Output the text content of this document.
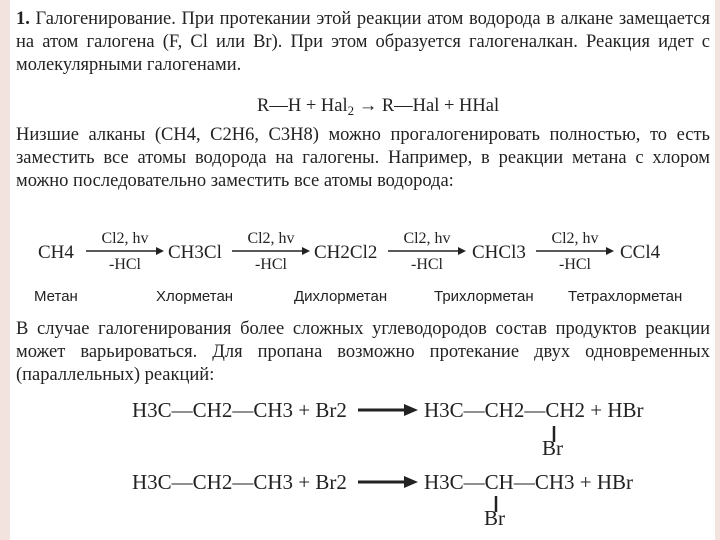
1. Галогенирование. При протекании этой реакции атом водорода в алкане замещается на атом галогена (F, Cl или Br). При этом образуется галогеналкан. Реакция идет с молекулярными галогенами.

R—H + Hal$_2$ → R—Hal + HHal

Низшие алканы (CH4, C2H6, C3H8) можно прогалогенировать полностью, то есть заместить все атомы водорода на галогены. Например, в реакции метана с хлором можно последовательно заместить все атомы водорода:

CH4
Cl2, hv
-HCl
CH3Cl
Cl2, hv
-HCl
CH2Cl2
Cl2, hv
-HCl
CHCl3
Cl2, hv
-HCl
CCl4
Метан	Хлорметан	Дихлорметан	Трихлорметан Тетрахлорметан

В случае галогенирования более сложных углеводородов состав продуктов реакции может варьироваться. Для пропана возможно протекание двух одновременных (параллельных) реакций:

H3C—CH2—CH3 + Br2 → H3C—CH2—CH2 + HBr
Br
H3C—CH2—CH3 + Br2 → H3C—CH—CH3 + HBr
Br
